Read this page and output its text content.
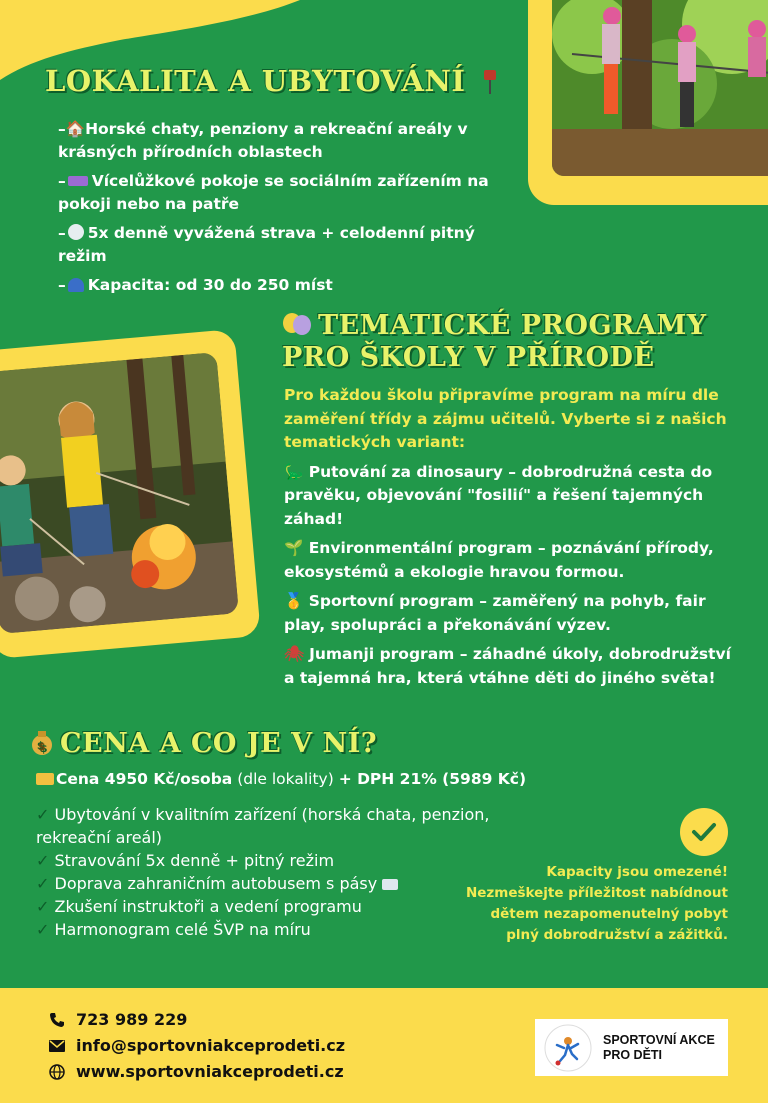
LOKALITA A UBYTOVÁNÍ
–🏠Horské chaty, penziony a rekreační areály v krásných přírodních oblastech
– Vícelůžkové pokoje se sociálním zařízením na pokoji nebo na patře
– 5x denně vyvážená strava + celodenní pitný režim
– Kapacita: od 30 do 250 míst
TEMATICKÉ PROGRAMY
PRO ŠKOLY V PŘÍRODĚ
Pro každou školu připravíme program na míru dle zaměření třídy a zájmu učitelů. Vyberte si z našich tematických variant:
🦕 Putování za dinosaury – dobrodružná cesta do pravěku, objevování "fosilií" a řešení tajemných záhad!
🌱 Environmentální program – poznávání přírody, ekosystémů a ekologie hravou formou.
🥇 Sportovní program – zaměřený na pohyb, fair play, spolupráci a překonávání výzev.
🕷 Jumanji program – záhadné úkoly, dobrodružství a tajemná hra, která vtáhne děti do jiného světa!
$ CENA A CO JE V NÍ?
Cena 4950 Kč/osoba (dle lokality) + DPH 21% (5989 Kč)
✓ Ubytování v kvalitním zařízení (horská chata, penzion, rekreační areál)
✓ Stravování 5x denně + pitný režim
✓ Doprava zahraničním autobusem s pásy
✓ Zkušení instruktoři a vedení programu
✓ Harmonogram celé ŠVP na míru
Kapacity jsou omezené!
Nezmeškejte příležitost nabídnout
dětem nezapomenutelný pobyt
plný dobrodružství a zážitků.
723 989 229
info@sportovniakceprodeti.cz
www.sportovniakceprodeti.cz
SPORTOVNÍ AKCE
PRO DĚTI
